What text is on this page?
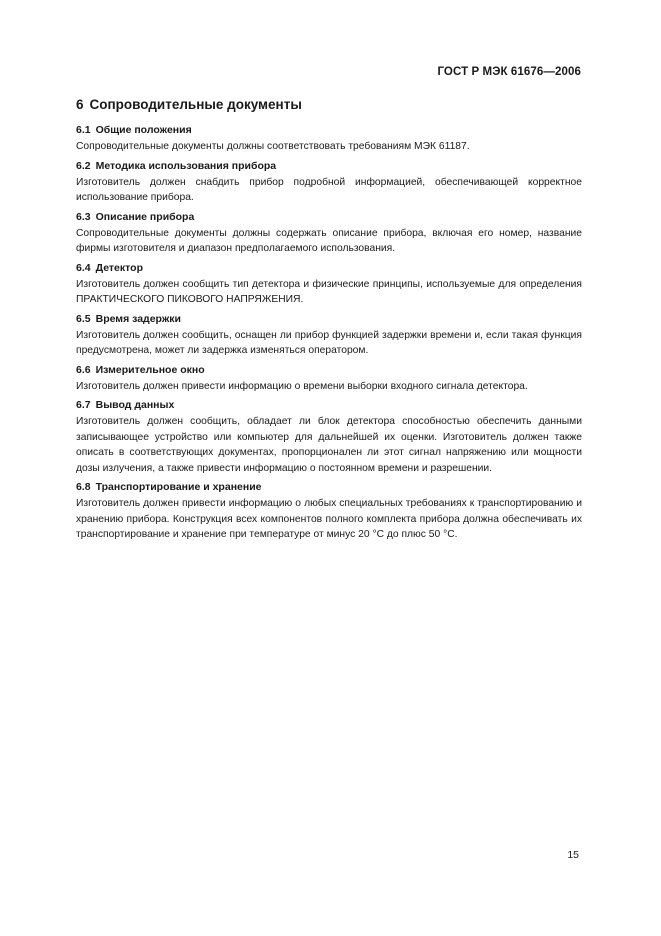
ГОСТ Р МЭК 61676—2006
6 Сопроводительные документы
6.1 Общие положения
Сопроводительные документы должны соответствовать требованиям МЭК 61187.
6.2 Методика использования прибора
Изготовитель должен снабдить прибор подробной информацией, обеспечивающей корректное использование прибора.
6.3 Описание прибора
Сопроводительные документы должны содержать описание прибора, включая его номер, название фирмы изготовителя и диапазон предполагаемого использования.
6.4 Детектор
Изготовитель должен сообщить тип детектора и физические принципы, используемые для определения ПРАКТИЧЕСКОГО ПИКОВОГО НАПРЯЖЕНИЯ.
6.5 Время задержки
Изготовитель должен сообщить, оснащен ли прибор функцией задержки времени и, если такая функция предусмотрена, может ли задержка изменяться оператором.
6.6 Измерительное окно
Изготовитель должен привести информацию о времени выборки входного сигнала детектора.
6.7 Вывод данных
Изготовитель должен сообщить, обладает ли блок детектора способностью обеспечить данными записывающее устройство или компьютер для дальнейшей их оценки. Изготовитель должен также описать в соответствующих документах, пропорционален ли этот сигнал напряжению или мощности дозы излучения, а также привести информацию о постоянном времени и разрешении.
6.8 Транспортирование и хранение
Изготовитель должен привести информацию о любых специальных требованиях к транспортированию и хранению прибора. Конструкция всех компонентов полного комплекта прибора должна обеспечивать их транспортирование и хранение при температуре от минус 20 °С до плюс 50 °С.
15
